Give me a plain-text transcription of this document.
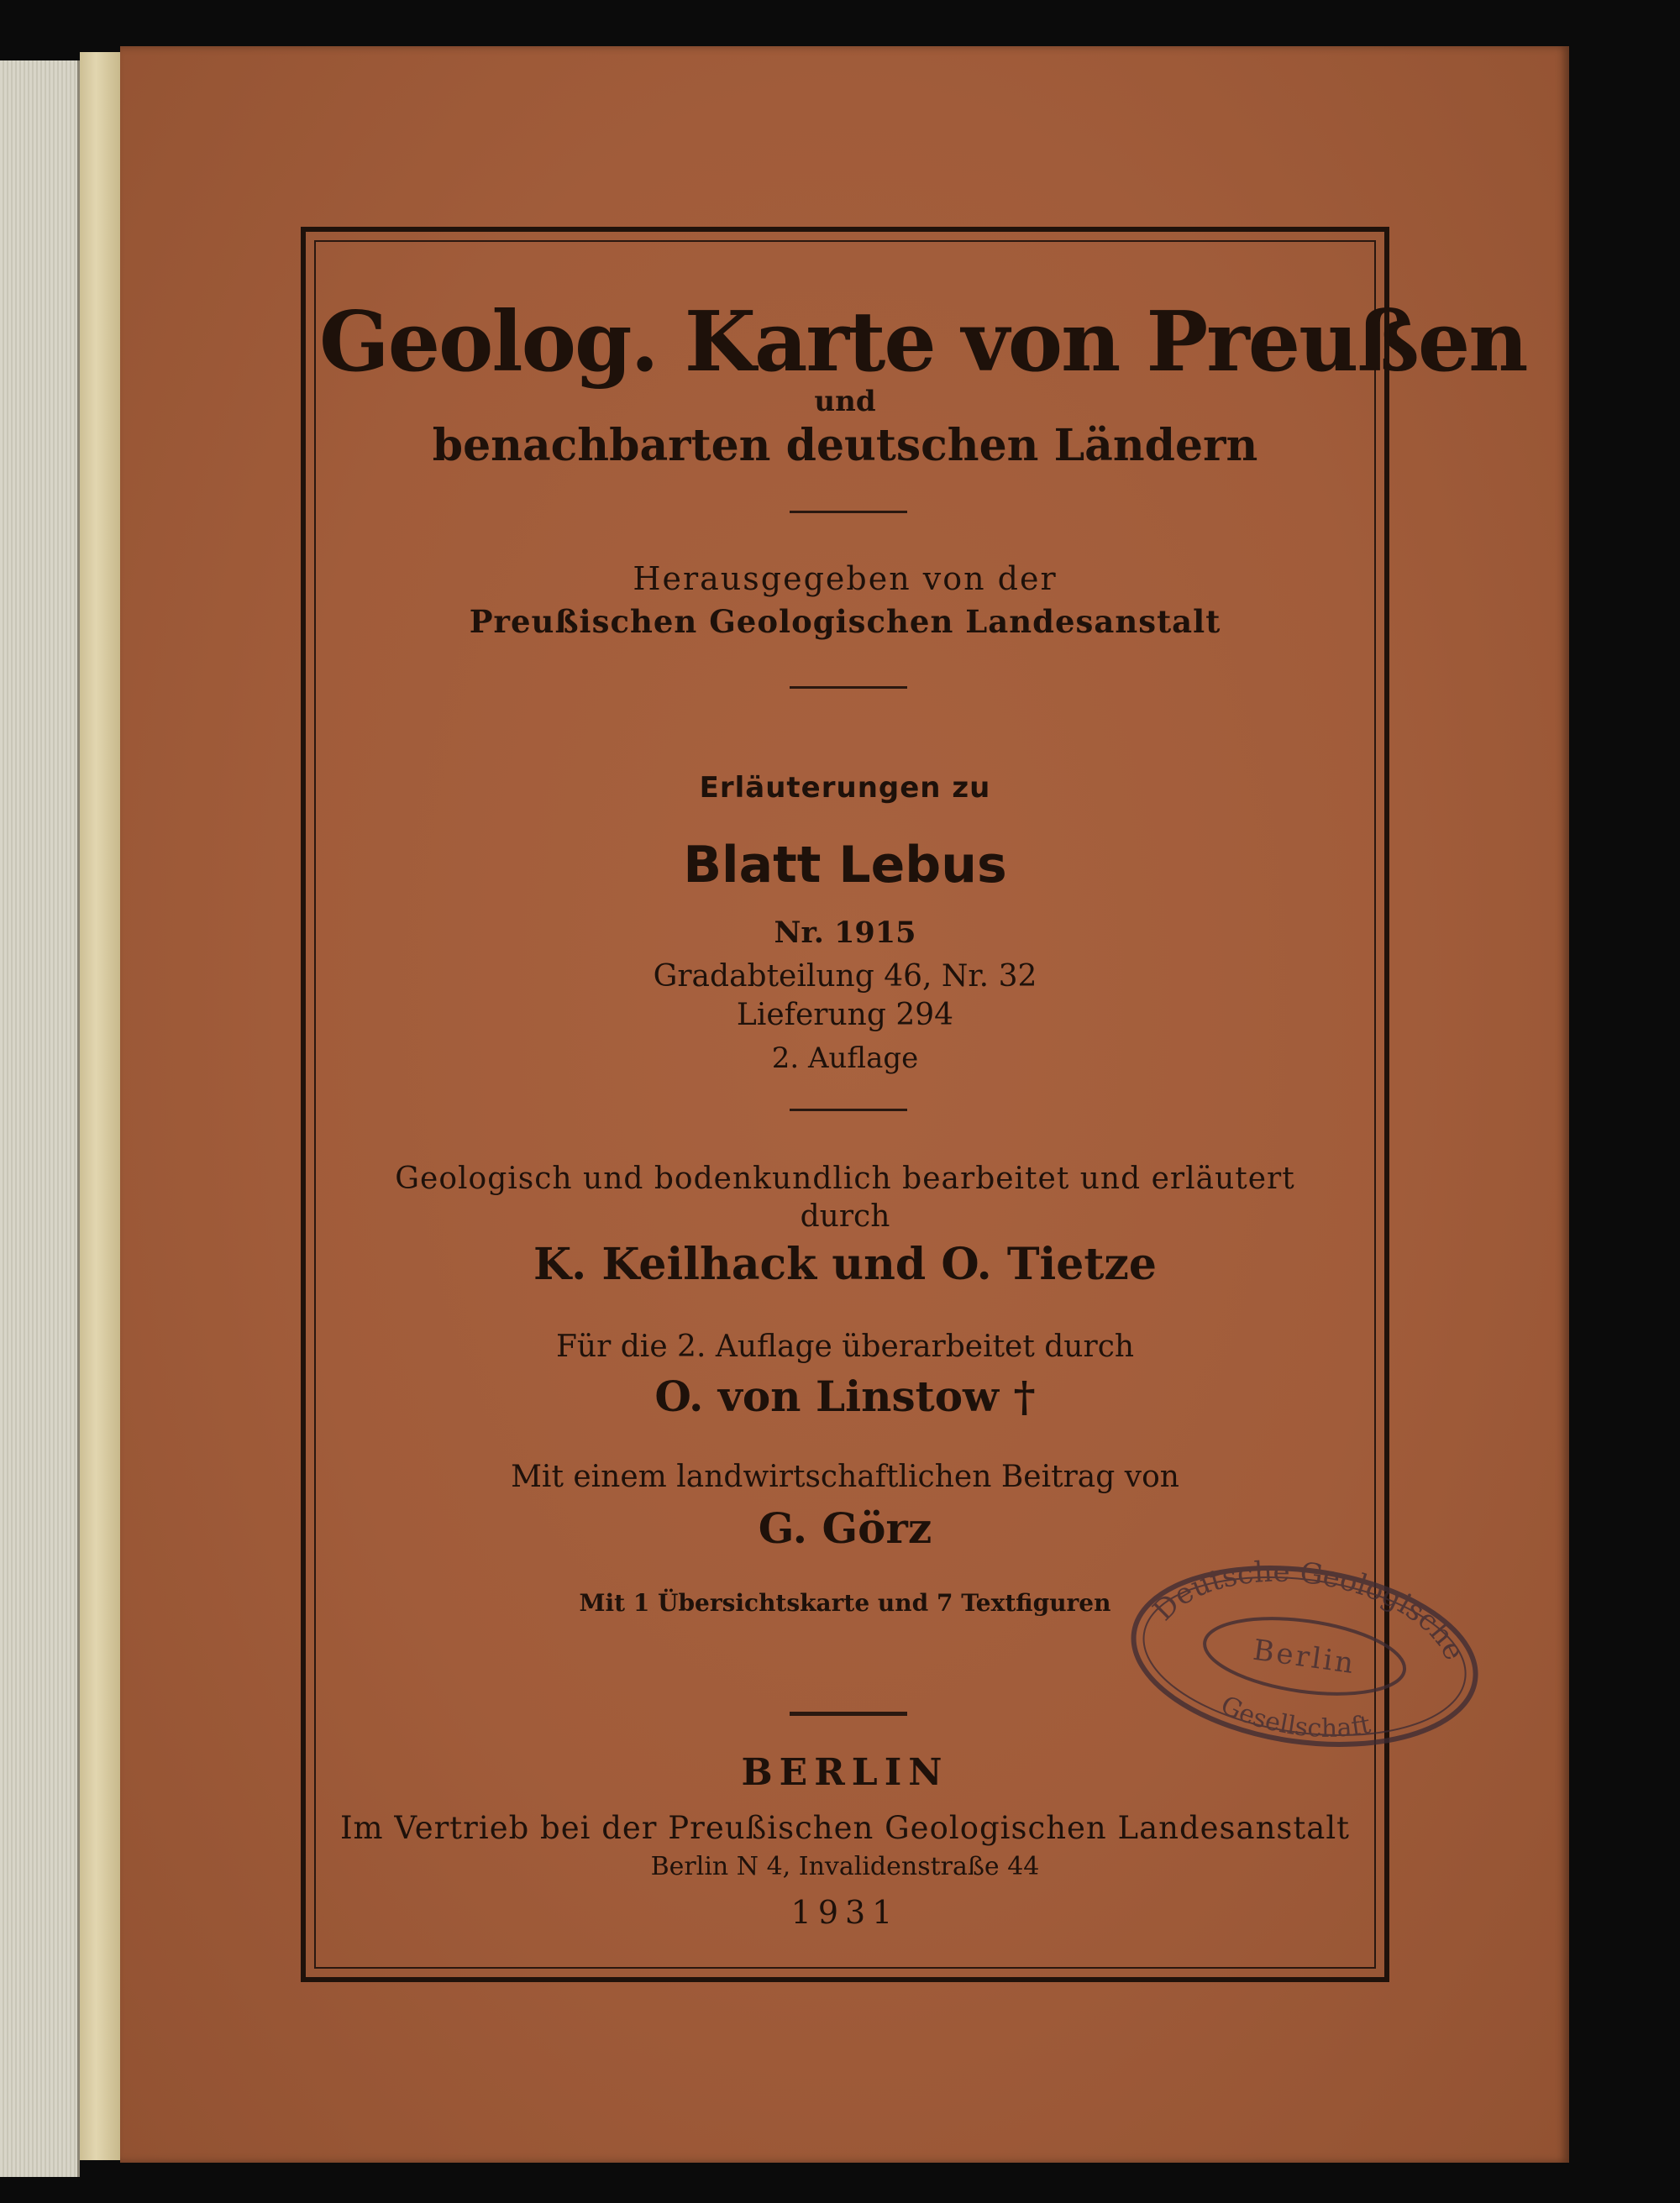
Geolog. Karte von Preußen
und
benachbarten deutschen Ländern
Herausgegeben von der
Preußischen Geologischen Landesanstalt
Erläuterungen zu
Blatt Lebus
Nr. 1915
Gradabteilung 46, Nr. 32
Lieferung 294
2. Auflage
Geologisch und bodenkundlich bearbeitet und erläutert
durch
K. Keilhack und O. Tietze
Für die 2. Auflage überarbeitet durch
O. von Linstow †
Mit einem landwirtschaftlichen Beitrag von
G. Görz
Mit 1 Übersichtskarte und 7 Textfiguren
BERLIN
Im Vertrieb bei der Preußischen Geologischen Landesanstalt
Berlin N 4, Invalidenstraße 44
1931
Deutsche Geologische
Berlin
Gesellschaft
